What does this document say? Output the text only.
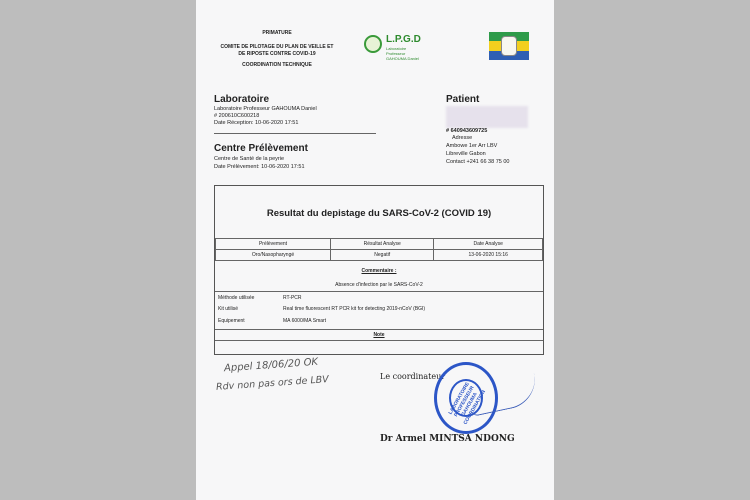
PRIMATURE
COMITE DE PILOTAGE DU PLAN DE VEILLE ET DE RIPOSTE CONTRE COVID-19
COORDINATION TECHNIQUE
L.P.G.D
Laboratoire Professeur
GAHOUMA Daniel
Laboratoire
Laboratoire Professeur GAHOUMA Daniel
# 200610C600218
Date Réception: 10-06-2020 17:51
Patient
# 640943609725
Adresse
Ambowe 1er Arr LBV
Libreville Gabon
Contact +241 66 38 75 00
Centre Prélèvement
Centre de Santé de la peyrie
Date Prélèvement: 10-06-2020 17:51
Resultat du depistage du SARS-CoV-2 (COVID 19)
Prélèvement	Résultat Analyse	Date Analyse
Oro/Nasopharyngé	Negatif	13-06-2020 15:16
Commentaire :
Absence d'infection par le SARS-CoV-2
Méthode utilisée	RT-PCR
Kit utilisé	Real time fluorescent RT PCR kit for detecting 2019-nCoV (BGI)
Equipement	MA 6000/MA Smart
Note
Appel 18/06/20 OK
Rdv non pas ors de LBV	Le coordinateur
LABORATOIRE PROFESSEUR GAHOUMA COORDINATION
Dr Armel MINTSA NDONG
